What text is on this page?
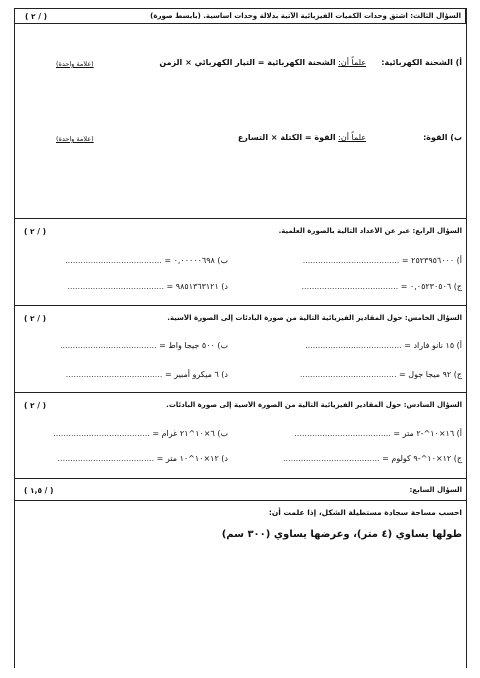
السؤال الثالث: اشتق وحدات الكميات الفيزيائية الآتية بدلالة وحدات أساسية. (بأبسط صورة)
( ٢ / )
أ) الشحنة الكهربائية:
علماً أن: الشحنة الكهربائية = التيار الكهربائي × الزمن
(علامة واحدة)
ب) القوة:
علماً أن: القوة = الكتلة × التسارع
(علامة واحدة)
السؤال الرابع: عبر عن الأعداد التالية بالصورة العلمية.
( ٢ / )
أ) ٢٥٢٣٩٥٦٠٠٠ = ......................................
ب) ٠,٠٠٠٠٠٦٩٨ = ......................................
ج) ٠,٠٥٢٣٠٥٠٦ = ......................................
د) ٩٨٥١٣٦٣١٢١ = ......................................
السؤال الخامس: حول المقادير الفيزيائية التالية من صورة البادئات إلى الصورة الأسية.
( ٢ / )
أ) ١٥ نانو فاراد = ......................................
ب) ٥٠٠ جيجا واط = ......................................
ج) ٩٢ ميجا جول = ......................................
د) ٦ ميكرو أمبير = ......................................
السؤال السادس: حول المقادير الفيزيائية التالية من الصورة الأسية إلى صورة البادئات.
( ٢ / )
أ) ١٦×١٠^-٢ متر = ......................................
ب) ٦×١٠^٢١ غرام = ......................................
ج) ١٢×١٠^-٩ كولوم = ......................................
د) ١٢×١٠^١٠ متر = ......................................
السؤال السابع:
( ١,٥ / )
احسب مساحة سجادة مستطيلة الشكل، إذا علمت أن:
طولها يساوي (٤ متر)، وعرضها يساوي (٣٠٠ سم)
